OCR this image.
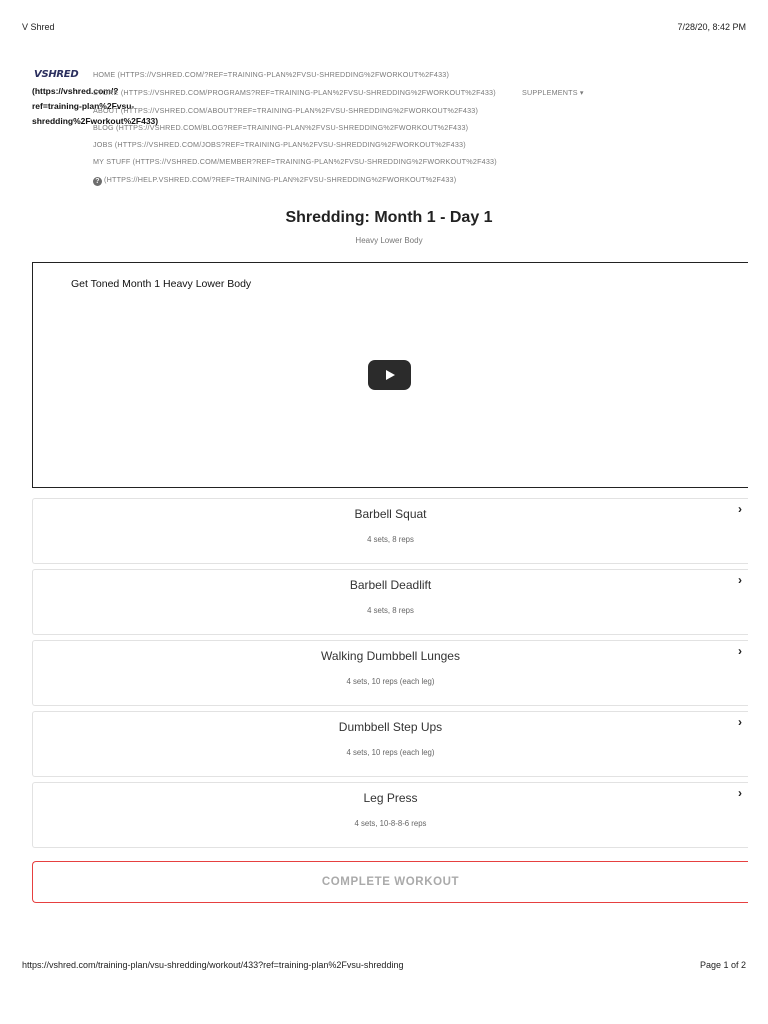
V Shred	7/28/20, 8:42 PM
VSHRED
(https://vshred.com/?ref=training-plan%2Fvsu-shredding%2Fworkout%2F433)
HOME (HTTPS://VSHRED.COM/?REF=TRAINING-PLAN%2FVSU-SHREDDING%2FWORKOUT%2F433)
STORE (HTTPS://VSHRED.COM/PROGRAMS?REF=TRAINING-PLAN%2FVSU-SHREDDING%2FWORKOUT%2F433)	SUPPLEMENTS ▾
ABOUT (HTTPS://VSHRED.COM/ABOUT?REF=TRAINING-PLAN%2FVSU-SHREDDING%2FWORKOUT%2F433)
BLOG (HTTPS://VSHRED.COM/BLOG?REF=TRAINING-PLAN%2FVSU-SHREDDING%2FWORKOUT%2F433)
JOBS (HTTPS://VSHRED.COM/JOBS?REF=TRAINING-PLAN%2FVSU-SHREDDING%2FWORKOUT%2F433)
MY STUFF (HTTPS://VSHRED.COM/MEMBER?REF=TRAINING-PLAN%2FVSU-SHREDDING%2FWORKOUT%2F433)
? (HTTPS://HELP.VSHRED.COM/?REF=TRAINING-PLAN%2FVSU-SHREDDING%2FWORKOUT%2F433)
Shredding: Month 1 - Day 1
Heavy Lower Body
Get Toned Month 1 Heavy Lower Body
Barbell Squat
4 sets, 8 reps
›
Barbell Deadlift
4 sets, 8 reps
›
Walking Dumbbell Lunges
4 sets, 10 reps (each leg)
›
Dumbbell Step Ups
4 sets, 10 reps (each leg)
›
Leg Press
4 sets, 10-8-8-6 reps
›
COMPLETE WORKOUT
https://vshred.com/training-plan/vsu-shredding/workout/433?ref=training-plan%2Fvsu-shredding	Page 1 of 2
